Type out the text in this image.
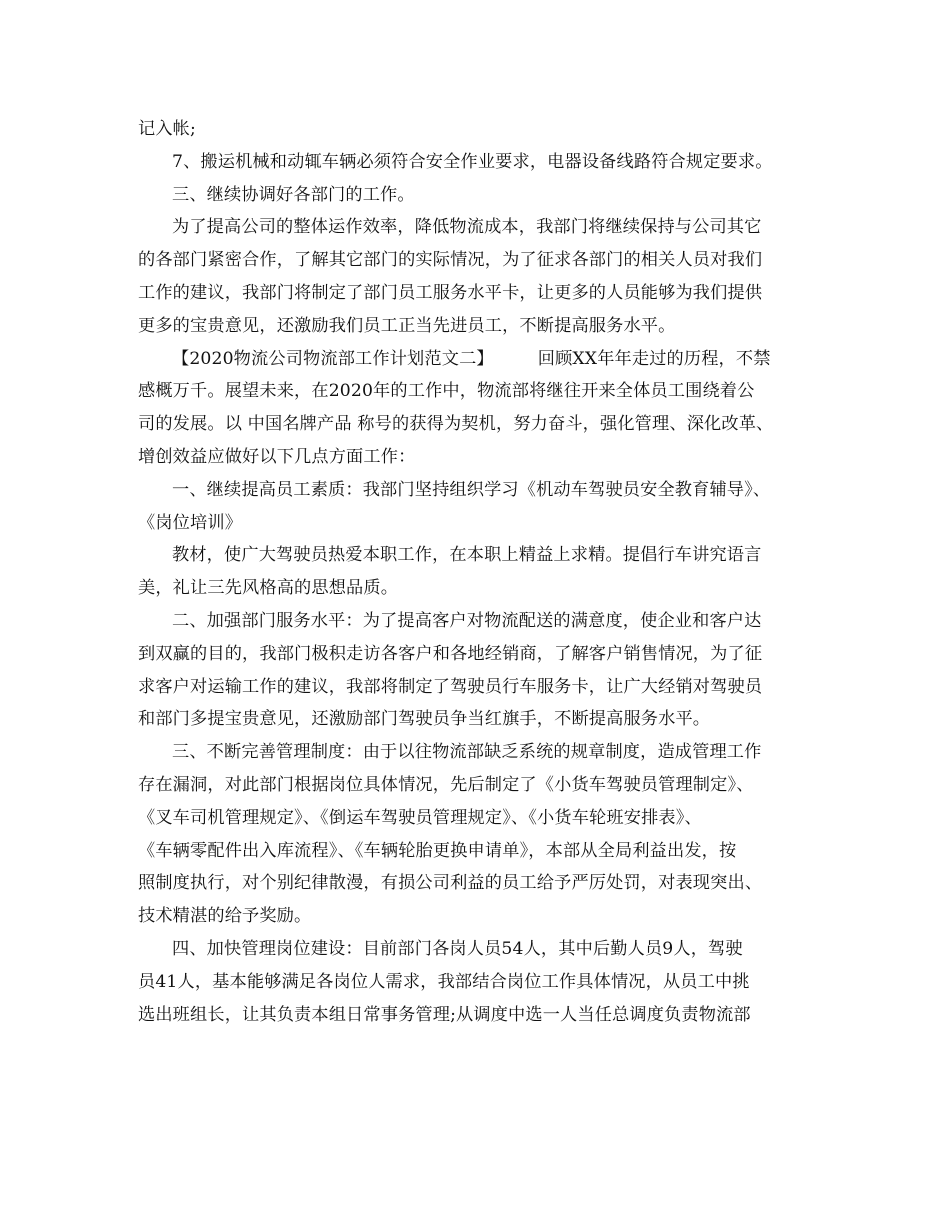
记入帐;

7、搬运机械和动辄车辆必须符合安全作业要求，电器设备线路符合规定要求。

三、继续协调好各部门的工作。

为了提高公司的整体运作效率，降低物流成本，我部门将继续保持与公司其它
的各部门紧密合作，了解其它部门的实际情况，为了征求各部门的相关人员对我们
工作的建议，我部门将制定了部门员工服务水平卡，让更多的人员能够为我们提供
更多的宝贵意见，还激励我们员工正当先进员工，不断提高服务水平。

【2020物流公司物流部工作计划范文二】	回顾XX年年走过的历程，不禁
感概万千。展望未来，在2020年的工作中，物流部将继往开来全体员工围绕着公
司的发展。以 中国名牌产品 称号的获得为契机，努力奋斗，强化管理、深化改革、
增创效益应做好以下几点方面工作：

一、继续提高员工素质：我部门坚持组织学习《机动车驾驶员安全教育辅导》、
《岗位培训》

教材，使广大驾驶员热爱本职工作，在本职上精益上求精。提倡行车讲究语言
美，礼让三先风格高的思想品质。

二、加强部门服务水平：为了提高客户对物流配送的满意度，使企业和客户达
到双赢的目的，我部门极积走访各客户和各地经销商，了解客户销售情况，为了征
求客户对运输工作的建议，我部将制定了驾驶员行车服务卡，让广大经销对驾驶员
和部门多提宝贵意见，还激励部门驾驶员争当红旗手，不断提高服务水平。

三、不断完善管理制度：由于以往物流部缺乏系统的规章制度，造成管理工作
存在漏洞，对此部门根据岗位具体情况，先后制定了《小货车驾驶员管理制定》、
《叉车司机管理规定》、《倒运车驾驶员管理规定》、《小货车轮班安排表》、
《车辆零配件出入库流程》、《车辆轮胎更换申请单》，本部从全局利益出发，按
照制度执行，对个别纪律散漫，有损公司利益的员工给予严厉处罚，对表现突出、
技术精湛的给予奖励。

四、加快管理岗位建设：目前部门各岗人员54人，其中后勤人员9人，驾驶
员41人，基本能够满足各岗位人需求，我部结合岗位工作具体情况，从员工中挑
选出班组长，让其负责本组日常事务管理;从调度中选一人当任总调度负责物流部
